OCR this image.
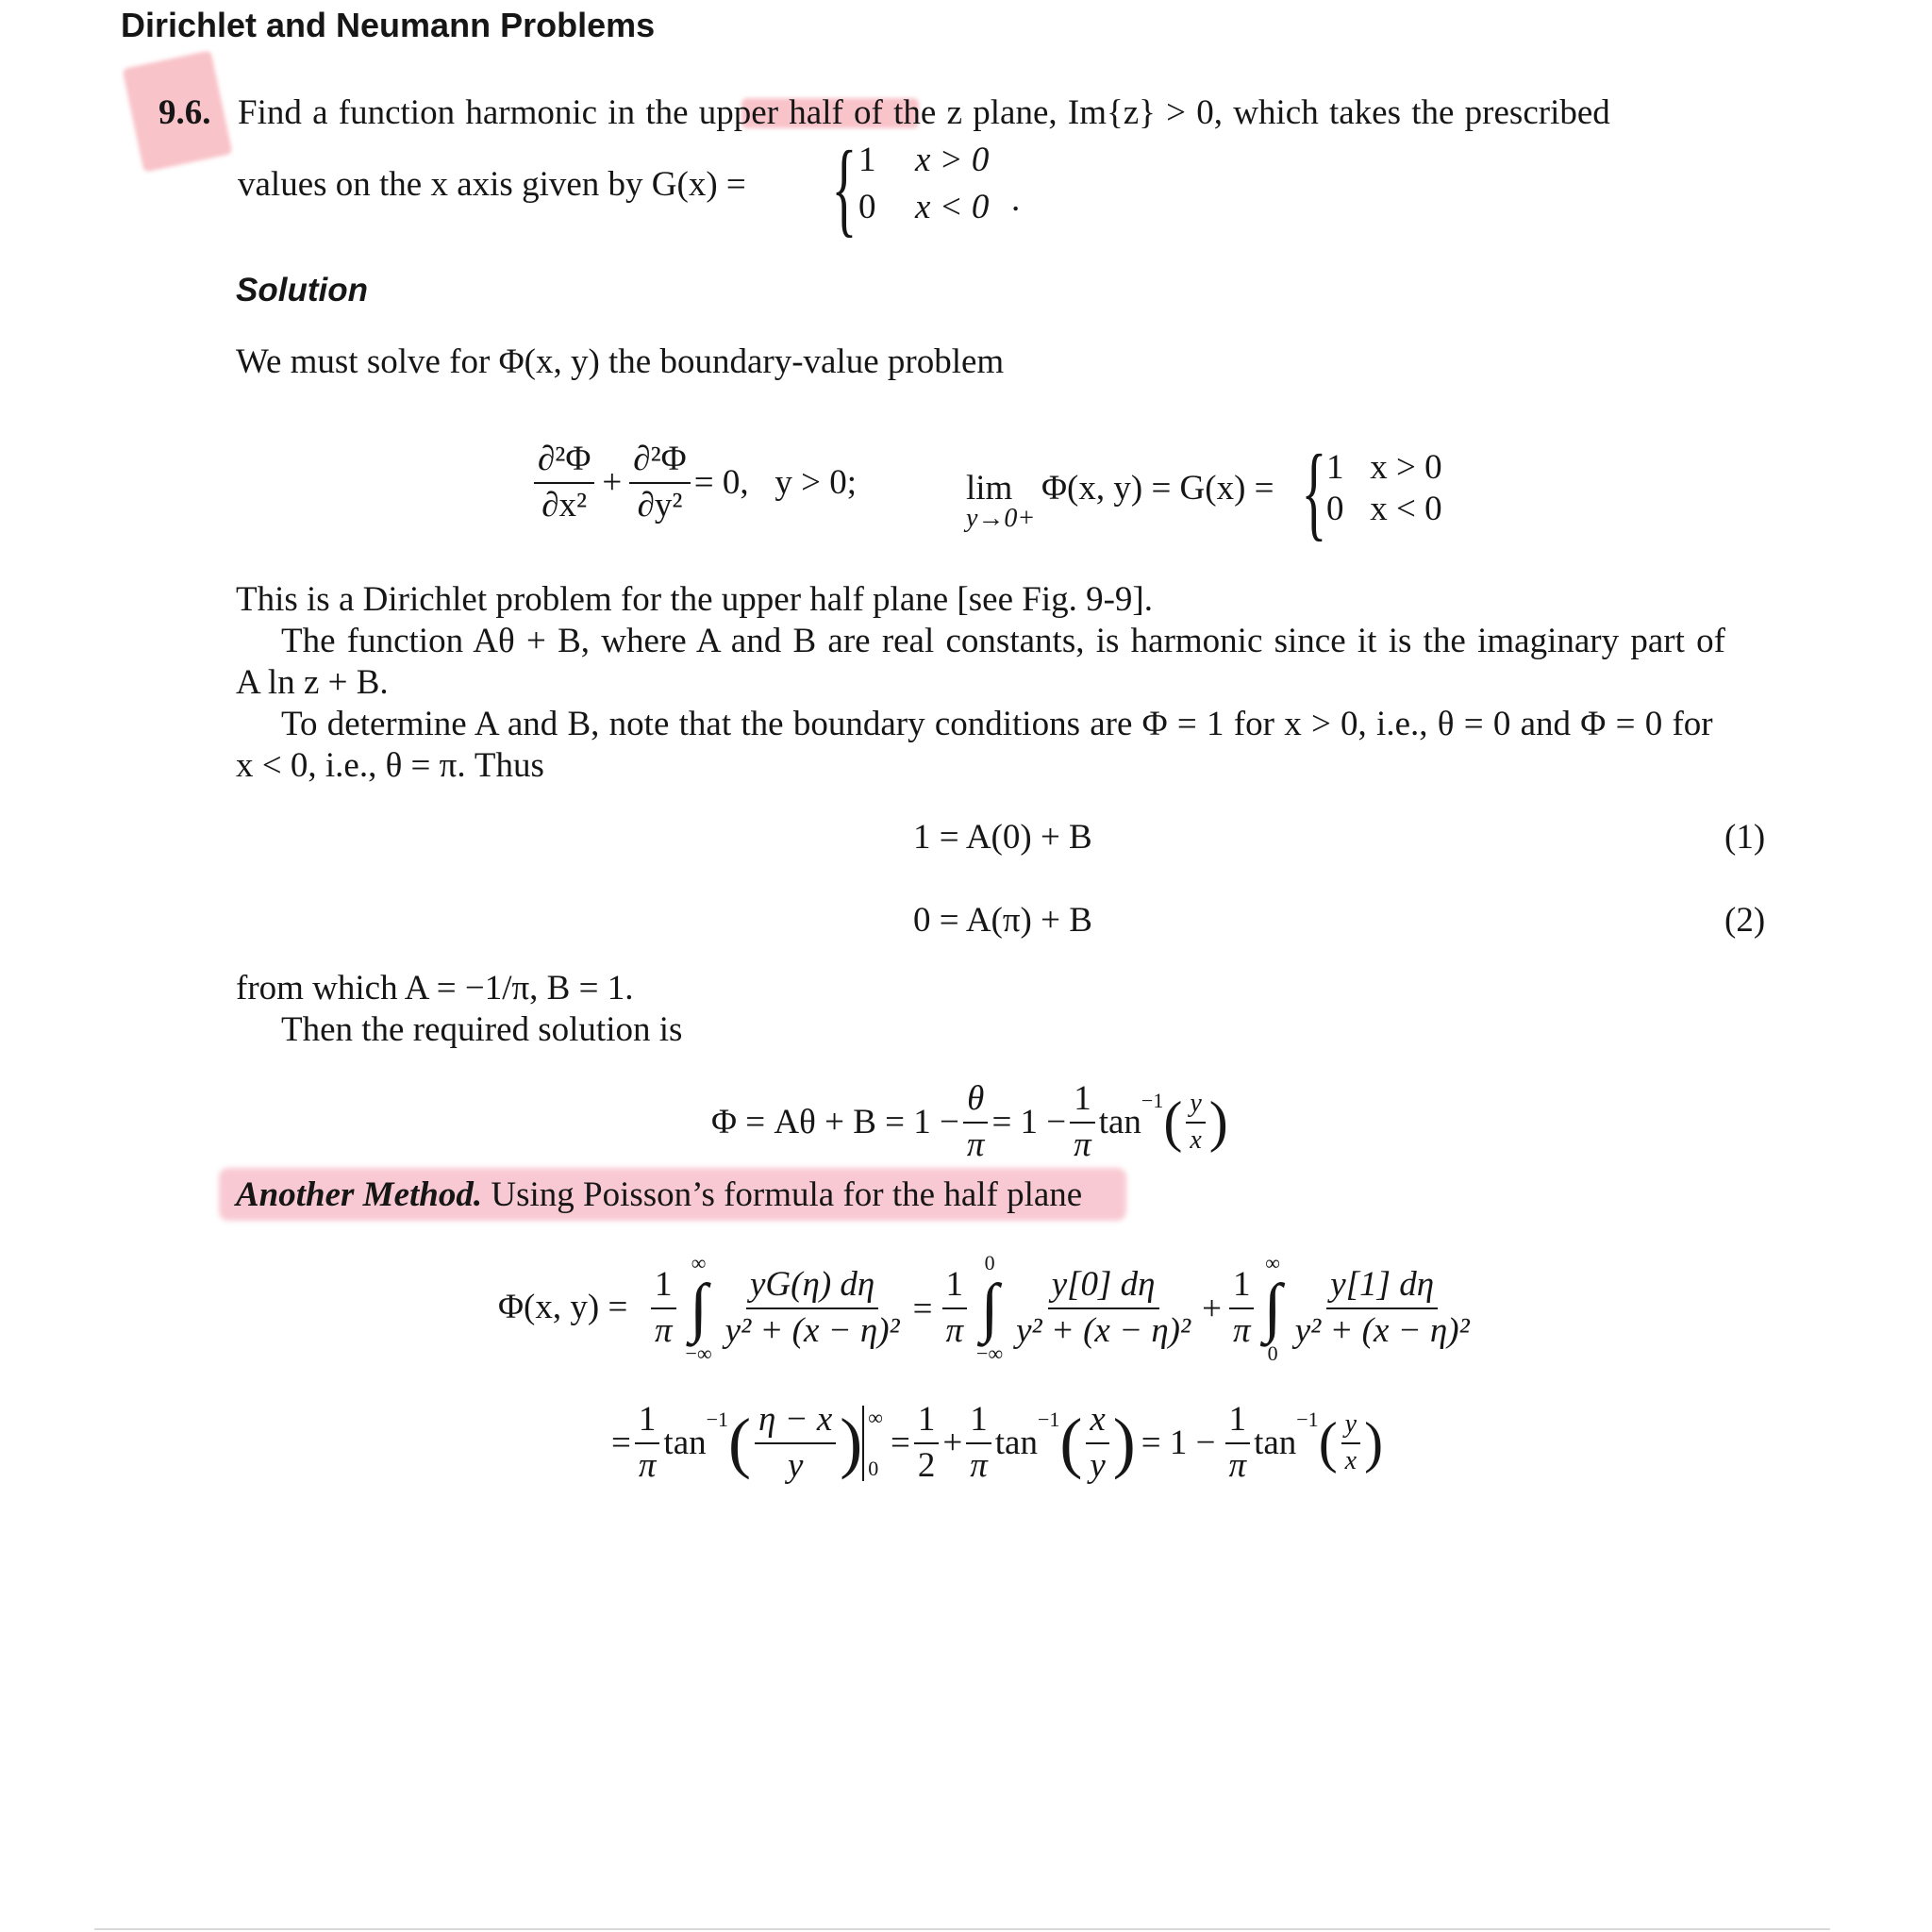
Dirichlet and Neumann Problems
9.6. Find a function harmonic in the upper half of the z plane, Im{z} > 0, which takes the prescribed
values on the x axis given by G(x) = { 1 x > 0
0 x < 0 .
Solution
We must solve for Φ(x, y) the boundary-value problem
$\frac{\text{∂²Φ}}{\text{∂x²}} + \frac{\text{∂²Φ}}{\text{∂y²}} = 0$,   y > 0;	lim
y→0+
Φ(x, y) = G(x) = { 1   x > 0
0   x < 0
This is a Dirichlet problem for the upper half plane [see Fig. 9-9].
The function Aθ + B, where A and B are real constants, is harmonic since it is the imaginary part of
A ln z + B.
To determine A and B, note that the boundary conditions are Φ = 1 for x > 0, i.e., θ = 0 and Φ = 0 for
x < 0, i.e., θ = π. Thus
1 = A(0) + B	(1)
0 = A(π) + B	(2)
from which A = −1/π, B = 1.
Then the required solution is
$\Phi = A\theta + B = 1 - \frac{\theta}{\pi} = 1 - \frac{1}{\pi}$ tan
$^{-1}$ ( $\frac{y}{x}$ )
Another Method. Using Poisson’s formula for the half plane
Φ(x, $y) = \frac{1}{\pi}$
∞
∫
−∞
$\frac{yG(\eta) d\eta}{\text{y² + (x − η)²}} = \frac{1}{\pi}$
0
∫
−∞
$\frac{y[0] d\eta}{\text{y² + (x − η)²}} + \frac{1}{\pi}$
∞
∫
0
$\frac{y[1] d\eta}{\text{y² + (x − η)²}}$
= $\frac{1}{\pi}$ tan
$^{-1}$ ( $\frac{\eta - x}{y}$ ) ∞
0
= $\frac{1}{2} + \frac{1}{\pi}$ tan
$^{-1}$ ( $\frac{x}{y}$ ) = $1 - \frac{1}{\pi}$ tan
$^{-1}$ ( $\frac{y}{x}$ )
